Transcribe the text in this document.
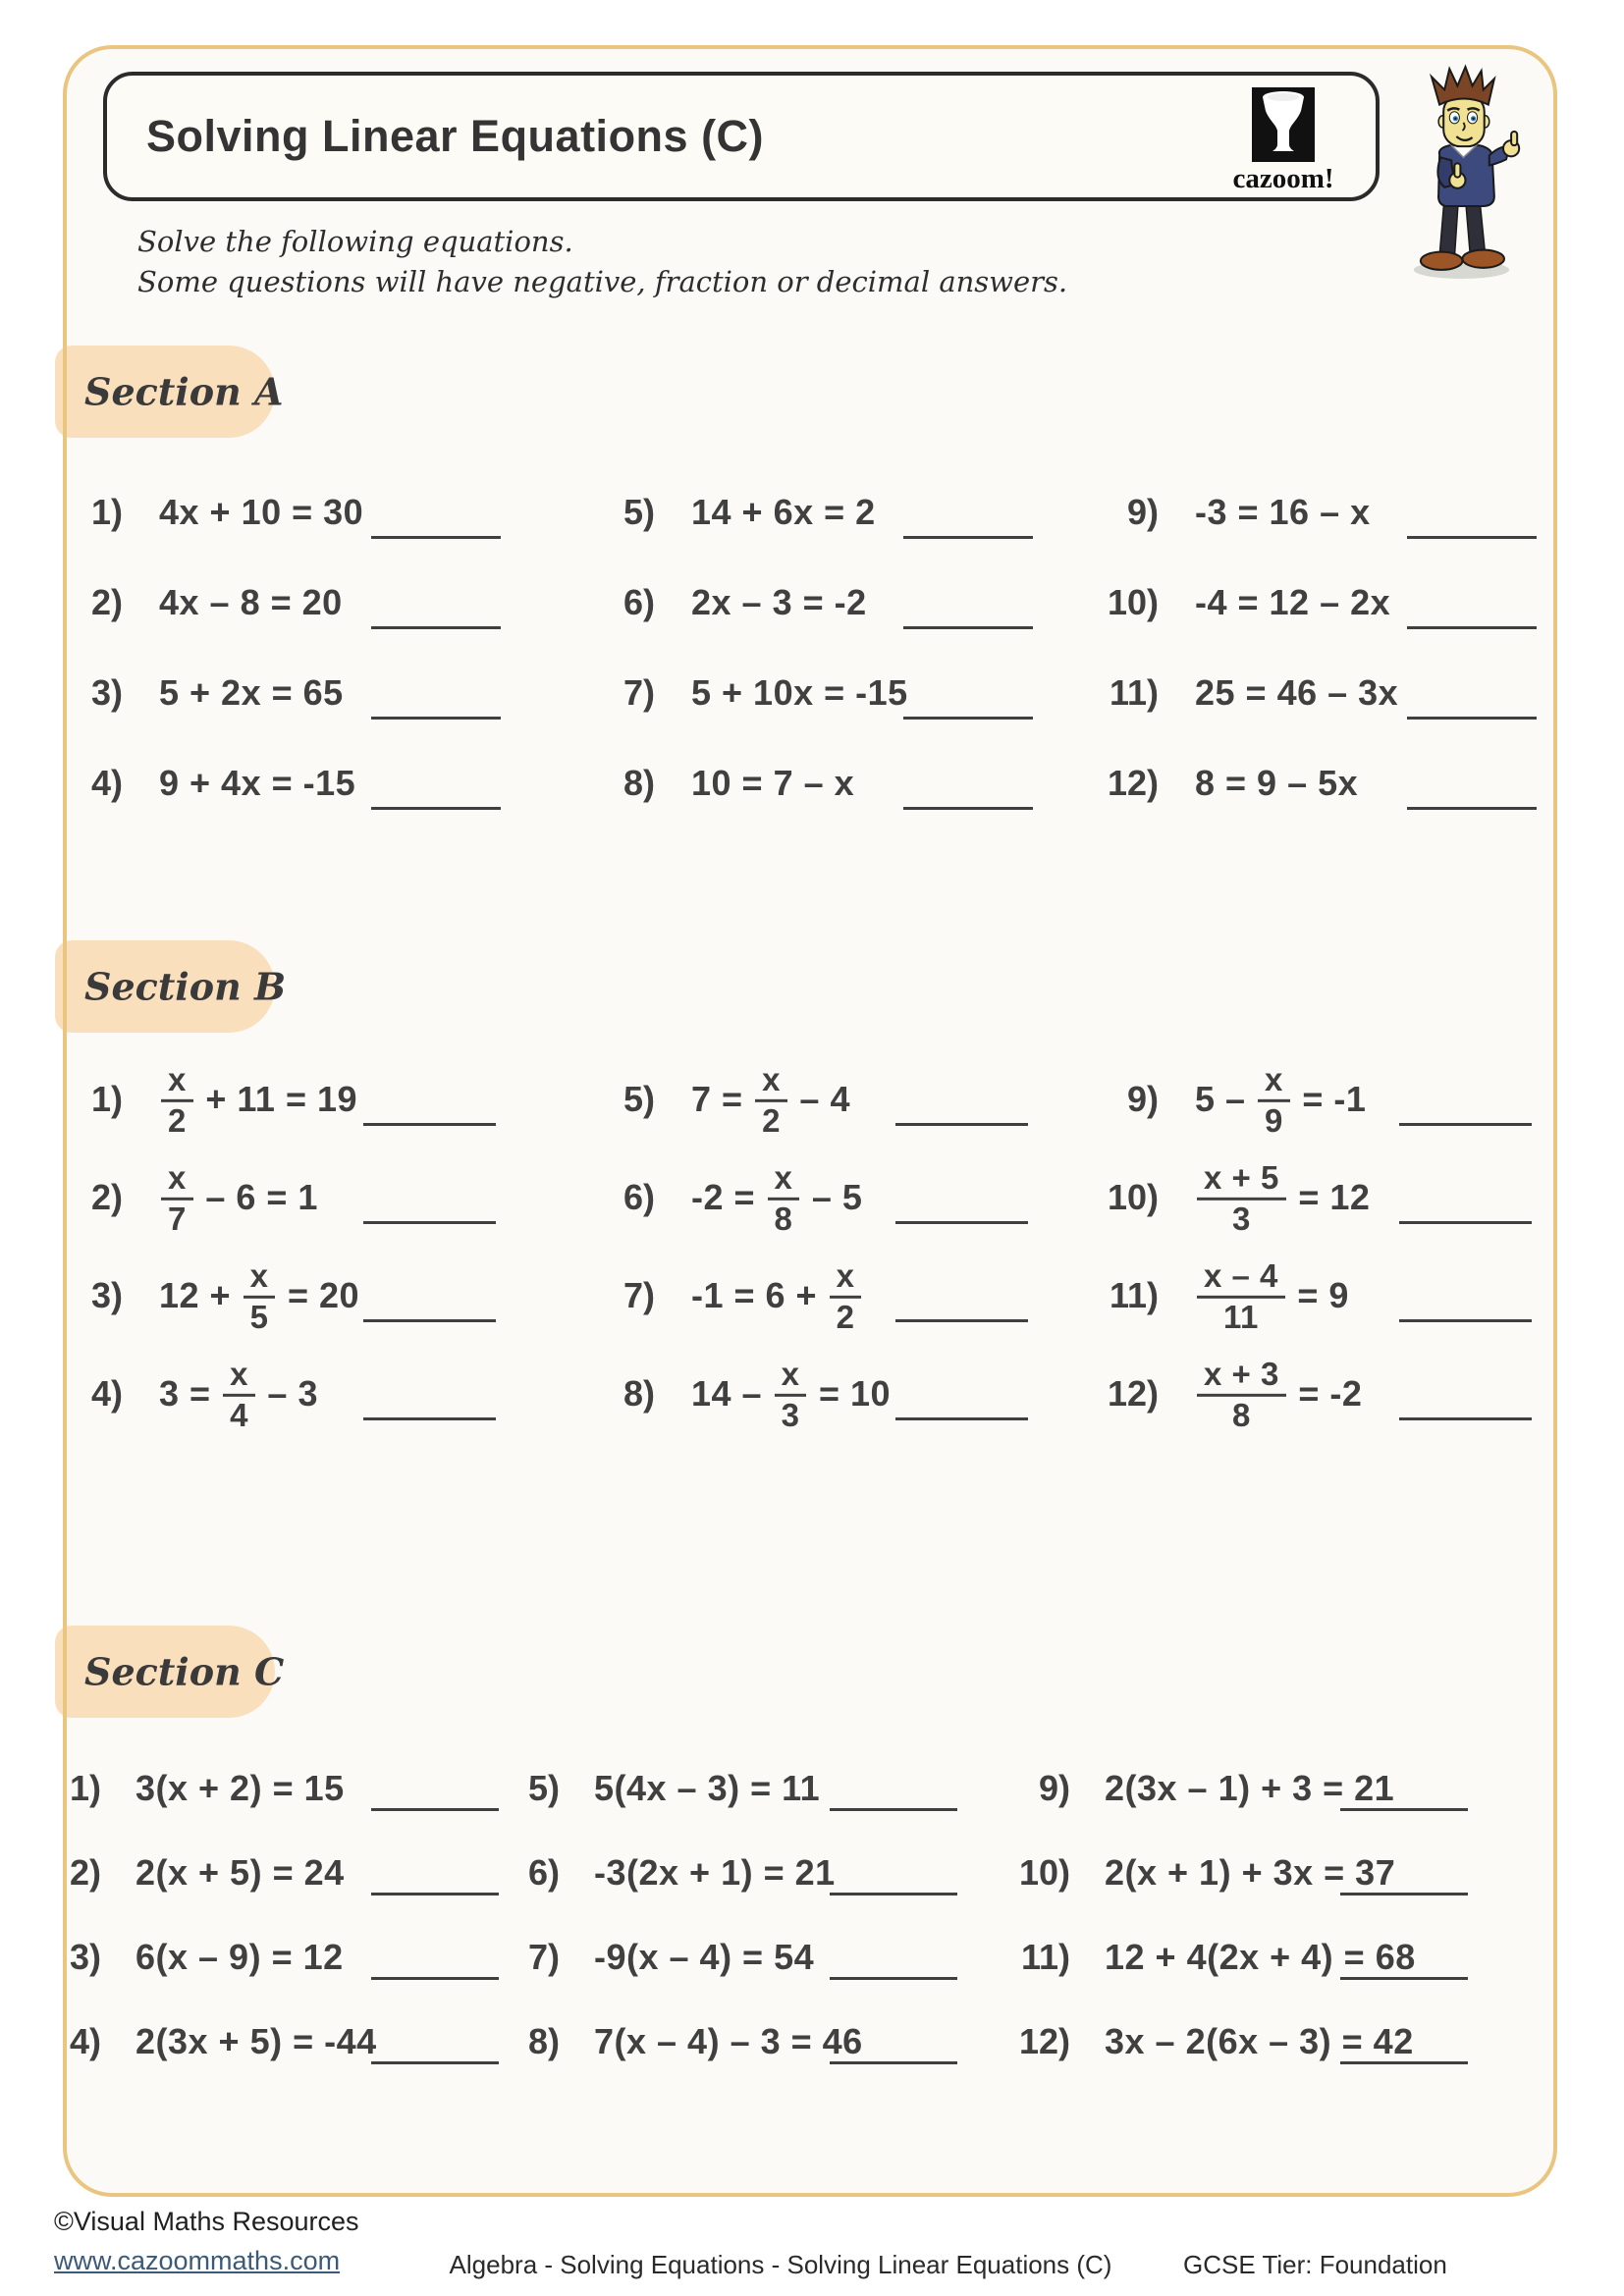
Solving Linear Equations (C)
cazoom!

Solve the following equations.

Some questions will have negative, fraction or decimal answers.

Section A
Section B
Section C
1) 4x + 10 = 30
2) 4x – 8 = 20
3) 5 + 2x = 65
4) 9 + 4x = -15
5) 14 + 6x = 2
6) 2x – 3 = -2
7) 5 + 10x = -15
8) 10 = 7 – x
9) -3 = 16 – x
10) -4 = 12 – 2x
11) 25 = 46 – 3x
12) 8 = 9 – 5x
$1) \frac{x}{2} + 11 = 19$
$2) \frac{x}{7} - 6 = 1$
3) $12 + \frac{x}{5} = 20$
4) $3 = \frac{x}{4} - 3$
5) $7 = \frac{x}{2} - 4$
6) $-2 = \frac{x}{8} - 5$
7) $-1 = 6 + \frac{x}{2}$
8) $14 - \frac{x}{3} = 10$
9) $5 - \frac{x}{9} = -1$
$10) \frac{x + 5}{3} = 12$
$11) \frac{x - 4}{11} = 9$
$12) \frac{x + 3}{8} = -2$
1) 3(x + 2) = 15
2) 2(x + 5) = 24
3) 6(x – 9) = 12
4) 2(3x + 5) = -44
5) 5(4x – 3) = 11
6) -3(2x + 1) = 21
7) -9(x – 4) = 54
8) 7(x – 4) – 3 = 46
9) 2(3x – 1) + 3 = 21
10) 2(x + 1) + 3x = 37
11) 12 + 4(2x + 4) = 68
12) 3x – 2(6x – 3) = 42
©Visual Maths Resources
www.cazoommaths.com	Algebra - Solving Equations - Solving Linear Equations (C)	GCSE Tier: Foundation
